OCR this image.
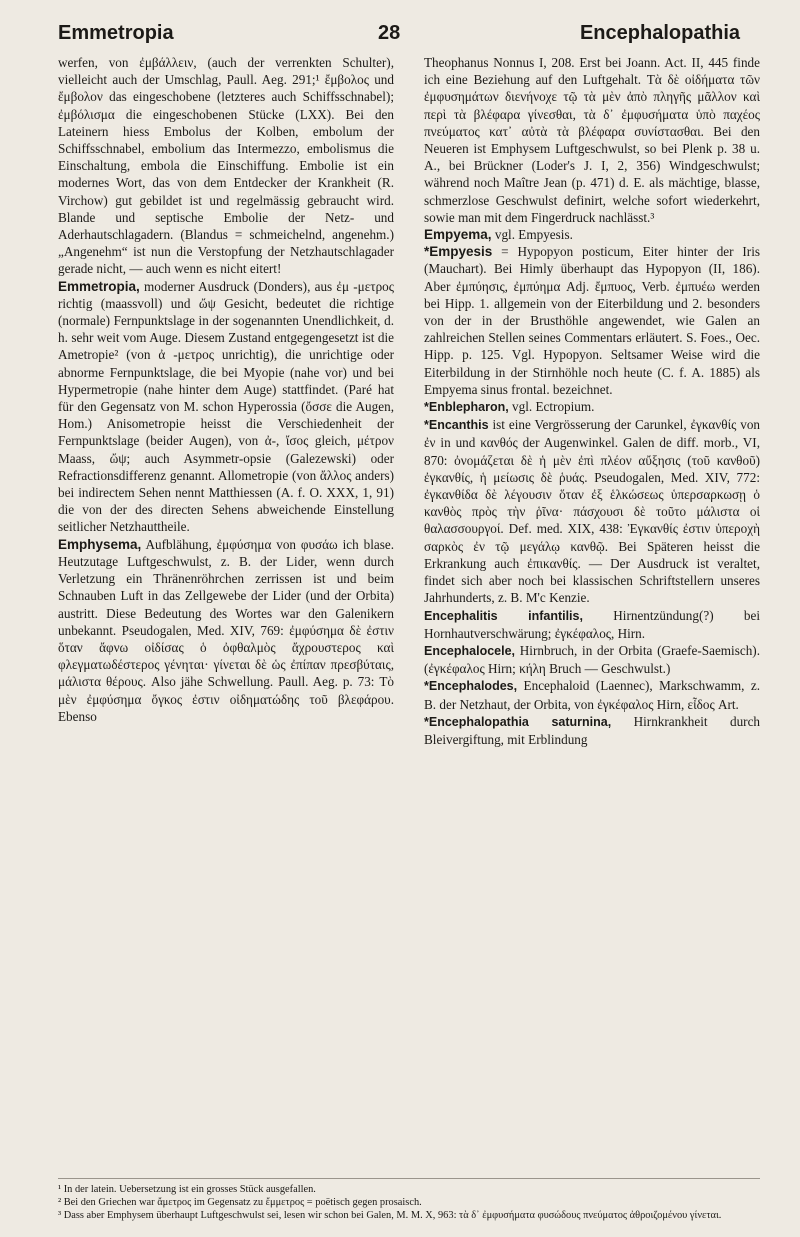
Emmetropia	28	Encephalopathia

werfen, von ἐμβάλλειν, (auch der verrenkten Schulter), vielleicht auch der Umschlag, Paull. Aeg. 291;¹ ἔμβολος und ἔμβολον das eingeschobene (letzteres auch Schiffsschnabel); ἐμβόλισμα die eingeschobenen Stücke (LXX). Bei den Lateinern hiess Embolus der Kolben, embolum der Schiffsschnabel, embolium das Intermezzo, embolismus die Einschaltung, embola die Einschiffung. Embolie ist ein modernes Wort, das von dem Entdecker der Krankheit (R. Virchow) gut gebildet ist und regelmässig gebraucht wird. Blande und septische Embolie der Netz- und Aderhautschlagadern. (Blandus = schmeichelnd, angenehm.) „Angenehm“ ist nun die Verstopfung der Netzhautschlagader gerade nicht, — auch wenn es nicht eitert!

Emmetropia, moderner Ausdruck (Donders), aus ἐμ -μετρος richtig (maassvoll) und ὤψ Gesicht, bedeutet die richtige (normale) Fernpunktslage in der sogenannten Unendlichkeit, d. h. sehr weit vom Auge. Diesem Zustand entgegengesetzt ist die Ametropie² (von ἀ -μετρος unrichtig), die unrichtige oder abnorme Fernpunktslage, die bei Myopie (nahe vor) und bei Hypermetropie (nahe hinter dem Auge) stattfindet. (Paré hat für den Gegensatz von M. schon Hyperossia (ὄσσε die Augen, Hom.) Anisometropie heisst die Verschiedenheit der Fernpunktslage (beider Augen), von ἀ-, ἴσος gleich, μέτρον Maass, ὤψ; auch Asymmetr-opsie (Galezewski) oder Refractionsdifferenz genannt. Allometropie (von ἄλλος anders) bei indirectem Sehen nennt Matthiessen (A. f. O. XXX, 1, 91) die von der des directen Sehens abweichende Einstellung seitlicher Netzhauttheile.

Emphysema, Aufblähung, ἐμφύσημα von φυσάω ich blase. Heutzutage Luftgeschwulst, z. B. der Lider, wenn durch Verletzung ein Thränenröhrchen zerrissen ist und beim Schnauben Luft in das Zellgewebe der Lider (und der Orbita) austritt. Diese Bedeutung des Wortes war den Galenikern unbekannt. Pseudogalen, Med. XIV, 769: ἐμφύσημα δὲ ἐστιν ὅταν ἄφνω οἰδίσας ὁ ὀφθαλμὸς ἄχρουστερος καὶ φλεγματωδέστερος γένηται· γίνεται δὲ ὡς ἐπίπαν πρεσβύταις, μάλιστα θέρους. Also jähe Schwellung. Paull. Aeg. p. 73: Τὸ μὲν ἐμφύσημα ὄγκος ἐστιν οἰδηματώδης τοῦ βλεφάρου. Ebenso

Theophanus Nonnus I, 208. Erst bei Joann. Act. II, 445 finde ich eine Beziehung auf den Luftgehalt. Τὰ δὲ οἰδήματα τῶν ἐμφυσημάτων διενήνοχε τῷ τὰ μὲν ἀπὸ πληγῆς μᾶλλον καὶ περὶ τὰ βλέφαρα γίνεσθαι, τὰ δ᾽ ἐμφυσήματα ὑπὸ παχέος πνεύματος κατ᾽ αὐτὰ τὰ βλέφαρα συνίστασθαι. Bei den Neueren ist Emphysem Luftgeschwulst, so bei Plenk p. 38 u. A., bei Brückner (Loder's J. I, 2, 356) Windgeschwulst; während noch Maître Jean (p. 471) d. E. als mächtige, blasse, schmerzlose Geschwulst definirt, welche sofort wiederkehrt, sowie man mit dem Fingerdruck nachlässt.³

Empyema, vgl. Empyesis.

*Empyesis = Hypopyon posticum, Eiter hinter der Iris (Mauchart). Bei Himly überhaupt das Hypopyon (II, 186). Aber ἐμπύησις, ἐμπύημα Adj. ἔμπυος, Verb. ἐμπυέω werden bei Hipp. 1. allgemein von der Eiterbildung und 2. besonders von der in der Brusthöhle angewendet, wie Galen an zahlreichen Stellen seines Commentars erläutert. S. Foes., Oec. Hipp. p. 125. Vgl. Hypopyon. Seltsamer Weise wird die Eiterbildung in der Stirnhöhle noch heute (C. f. A. 1885) als Empyema sinus frontal. bezeichnet.

*Enblepharon, vgl. Ectropium.

*Encanthis ist eine Vergrösserung der Carunkel, ἐγκανθίς von ἐν in und κανθός der Augenwinkel. Galen de diff. morb., VI, 870: ὀνομάζεται δὲ ἡ μὲν ἐπὶ πλέον αὔξησις (τοῦ κανθοῦ) ἐγκανθίς, ἡ μείωσις δὲ ῥυάς. Pseudogalen, Med. XIV, 772: ἐγκανθίδα δὲ λέγουσιν ὅταν ἐξ ἑλκώσεως ὑπερσαρκωσῃ ὁ κανθὸς πρὸς τὴν ῥῖνα· πάσχουσι δὲ τοῦτο μάλιστα οἱ θαλασσουργοί. Def. med. XIX, 438: Ἐγκανθίς ἐστιν ὑπεροχὴ σαρκὸς ἐν τῷ μεγάλῳ κανθῷ. Bei Späteren heisst die Erkrankung auch ἐπικανθίς. — Der Ausdruck ist veraltet, findet sich aber noch bei klassischen Schriftstellern unseres Jahrhunderts, z. B. M'c Kenzie.

Encephalitis infantilis, Hirnentzündung(?) bei Hornhautverschwärung; ἐγκέφαλος, Hirn.

Encephalocele, Hirnbruch, in der Orbita (Graefe-Saemisch). (ἐγκέφαλος Hirn; κήλη Bruch — Geschwulst.)

*Encephalodes, Encephaloid (Laennec), Markschwamm, z. B. der Netzhaut, der Orbita, von ἐγκέφαλος Hirn, εἶδος Art.

*Encephalopathia saturnina, Hirnkrankheit durch Bleivergiftung, mit Erblindung

¹ In der latein. Uebersetzung ist ein grosses Stück ausgefallen.

² Bei den Griechen war ἄμετρος im Gegensatz zu ἔμμετρος = poëtisch gegen prosaisch.

³ Dass aber Emphysem überhaupt Luftgeschwulst sei, lesen wir schon bei Galen, M. M. X, 963: τὰ δ᾽ ἐμφυσήματα φυσώδους πνεύματος ἀθροιζομένου γίνεται.
